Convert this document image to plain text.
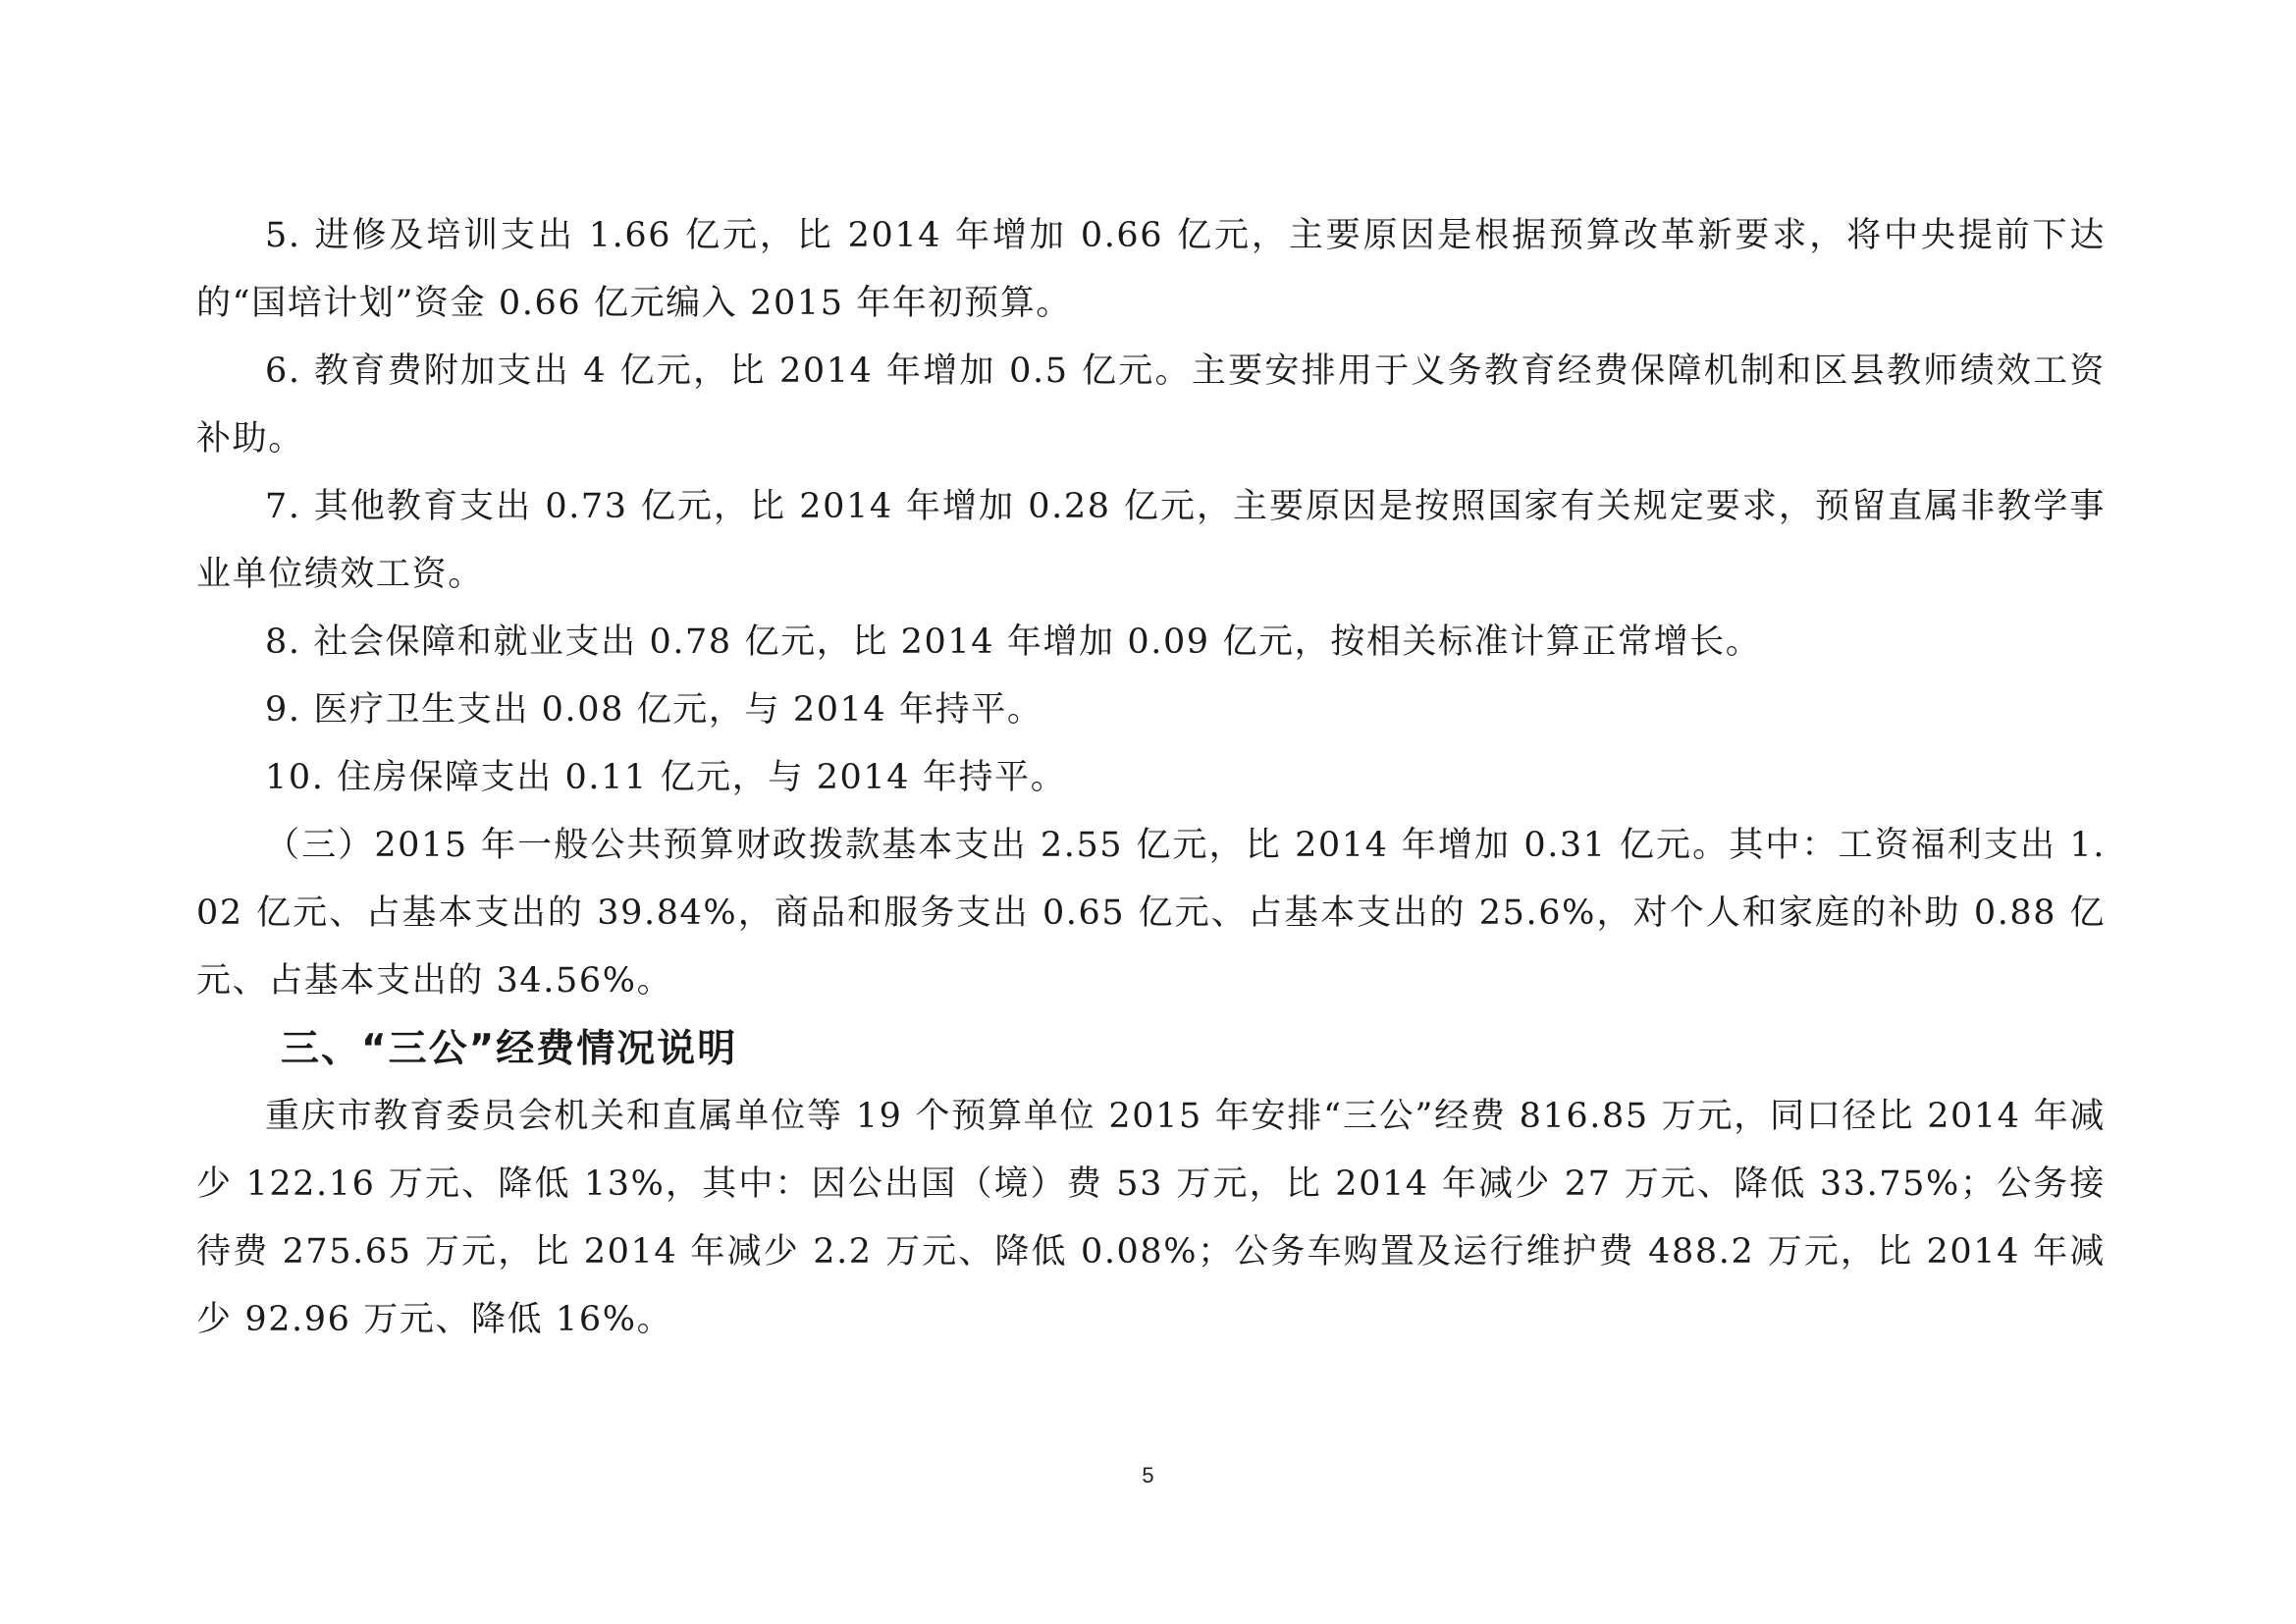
5. 进修及培训支出 1.66 亿元，比 2014 年增加 0.66 亿元，主要原因是根据预算改革新要求，将中央提前下达的“国培计划”资金 0.66 亿元编入 2015 年年初预算。

6. 教育费附加支出 4 亿元，比 2014 年增加 0.5 亿元。主要安排用于义务教育经费保障机制和区县教师绩效工资补助。

7. 其他教育支出 0.73 亿元，比 2014 年增加 0.28 亿元，主要原因是按照国家有关规定要求，预留直属非教学事业单位绩效工资。

8. 社会保障和就业支出 0.78 亿元，比 2014 年增加 0.09 亿元，按相关标准计算正常增长。

9. 医疗卫生支出 0.08 亿元，与 2014 年持平。

10. 住房保障支出 0.11 亿元，与 2014 年持平。

（三）2015 年一般公共预算财政拨款基本支出 2.55 亿元，比 2014 年增加 0.31 亿元。其中：工资福利支出 1.02 亿元、占基本支出的 39.84%，商品和服务支出 0.65 亿元、占基本支出的 25.6%，对个人和家庭的补助 0.88 亿元、占基本支出的 34.56%。

三、“三公”经费情况说明

重庆市教育委员会机关和直属单位等 19 个预算单位 2015 年安排“三公”经费 816.85 万元，同口径比 2014 年减少 122.16 万元、降低 13%，其中：因公出国（境）费 53 万元，比 2014 年减少 27 万元、降低 33.75%；公务接待费 275.65 万元，比 2014 年减少 2.2 万元、降低 0.08%；公务车购置及运行维护费 488.2 万元，比 2014 年减少 92.96 万元、降低 16%。

5
